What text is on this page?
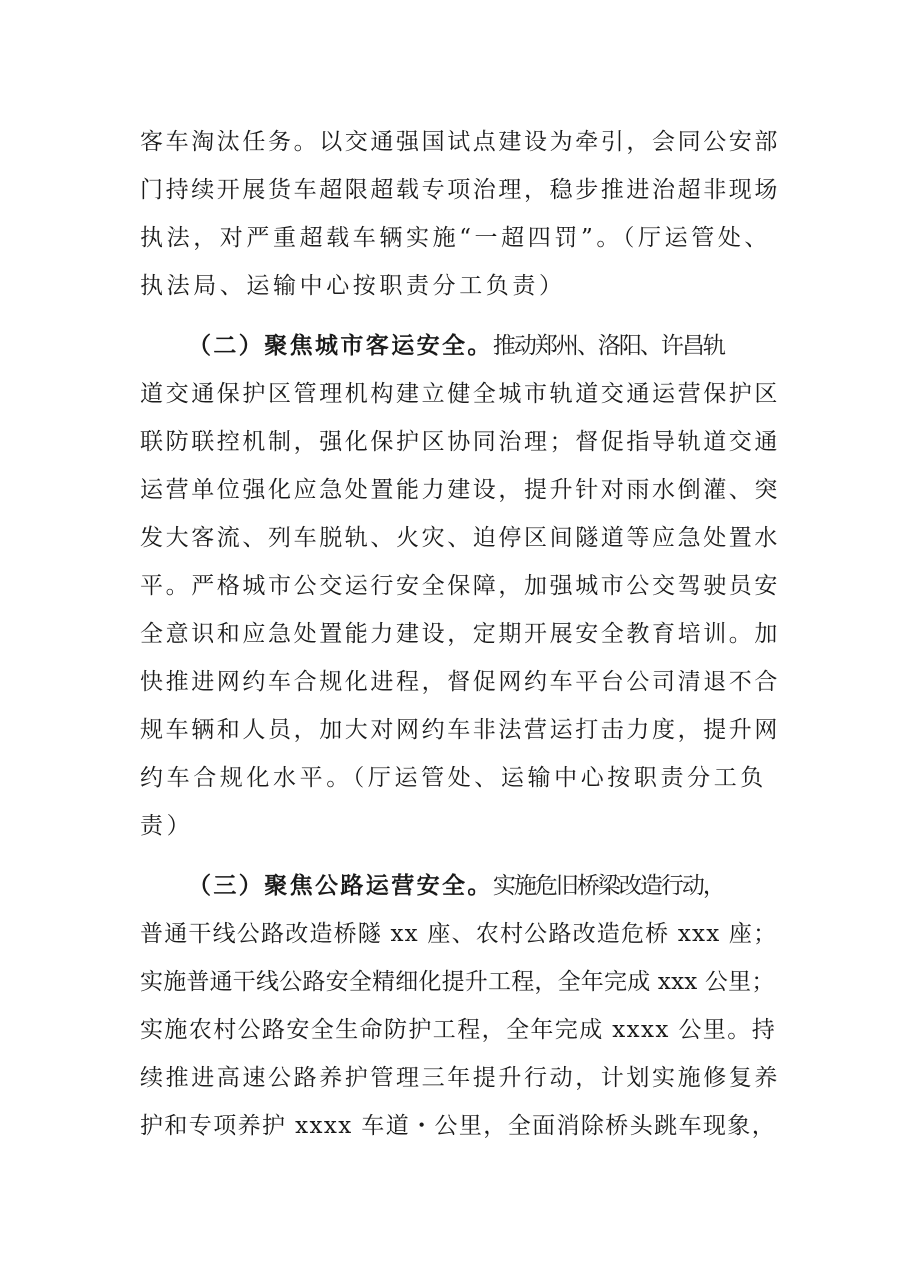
客车淘汰任务。以交通强国试点建设为牵引，会同公安部
门持续开展货车超限超载专项治理，稳步推进治超非现场
执法，对严重超载车辆实施“一超四罚”。（厅运管处、
执法局、运输中心按职责分工负责）
（二）聚焦城市客运安全。推动郑州、洛阳、许昌轨
道交通保护区管理机构建立健全城市轨道交通运营保护区
联防联控机制，强化保护区协同治理；督促指导轨道交通
运营单位强化应急处置能力建设，提升针对雨水倒灌、突
发大客流、列车脱轨、火灾、迫停区间隧道等应急处置水
平。严格城市公交运行安全保障，加强城市公交驾驶员安
全意识和应急处置能力建设，定期开展安全教育培训。加
快推进网约车合规化进程，督促网约车平台公司清退不合
规车辆和人员，加大对网约车非法营运打击力度，提升网
约车合规化水平。（厅运管处、运输中心按职责分工负
责）
（三）聚焦公路运营安全。实施危旧桥梁改造行动，
普通干线公路改造桥隧 xx 座、农村公路改造危桥 xxx 座；
实施普通干线公路安全精细化提升工程，全年完成 xxx 公里；
实施农村公路安全生命防护工程，全年完成 xxxx 公里。持
续推进高速公路养护管理三年提升行动，计划实施修复养
护和专项养护 xxxx 车道・公里，全面消除桥头跳车现象，
